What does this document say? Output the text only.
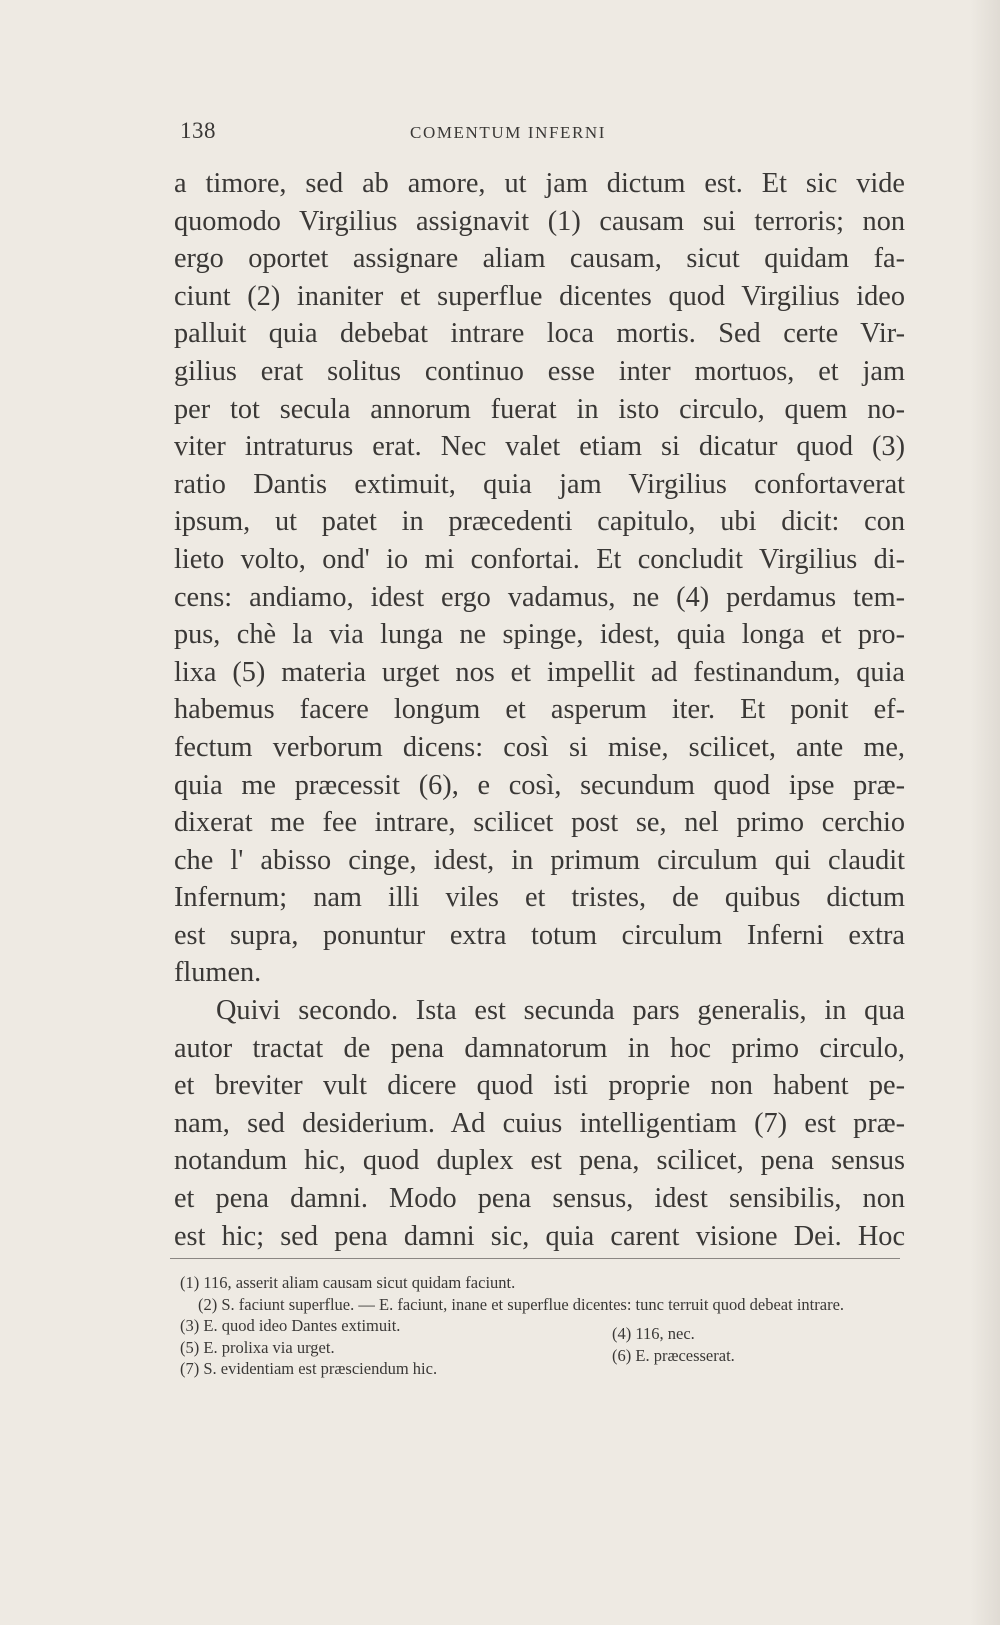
138	COMENTUM INFERNI
a timore, sed ab amore, ut jam dictum est. Et sic vide
quomodo Virgilius assignavit (1) causam sui terroris; non
ergo oportet assignare aliam causam, sicut quidam fa-
ciunt (2) inaniter et superflue dicentes quod Virgilius ideo
palluit quia debebat intrare loca mortis. Sed certe Vir-
gilius erat solitus continuo esse inter mortuos, et jam
per tot secula annorum fuerat in isto circulo, quem no-
viter intraturus erat. Nec valet etiam si dicatur quod (3)
ratio Dantis extimuit, quia jam Virgilius confortaverat
ipsum, ut patet in præcedenti capitulo, ubi dicit: con
lieto volto, ond' io mi confortai. Et concludit Virgilius di-
cens: andiamo, idest ergo vadamus, ne (4) perdamus tem-
pus, chè la via lunga ne spinge, idest, quia longa et pro-
lixa (5) materia urget nos et impellit ad festinandum, quia
habemus facere longum et asperum iter. Et ponit ef-
fectum verborum dicens: così si mise, scilicet, ante me,
quia me præcessit (6), e così, secundum quod ipse præ-
dixerat me fee intrare, scilicet post se, nel primo cerchio
che l' abisso cinge, idest, in primum circulum qui claudit
Infernum; nam illi viles et tristes, de quibus dictum
est supra, ponuntur extra totum circulum Inferni extra
flumen.
Quivi secondo. Ista est secunda pars generalis, in qua
autor tractat de pena damnatorum in hoc primo circulo,
et breviter vult dicere quod isti proprie non habent pe-
nam, sed desiderium. Ad cuius intelligentiam (7) est præ-
notandum hic, quod duplex est pena, scilicet, pena sensus
et pena damni. Modo pena sensus, idest sensibilis, non
est hic; sed pena damni sic, quia carent visione Dei. Hoc
(1) 116, asserit aliam causam sicut quidam faciunt.
(2) S. faciunt superflue. — E. faciunt, inane et superflue dicentes: tunc terruit quod debeat intrare.
(3) E. quod ideo Dantes extimuit.
(5) E. prolixa via urget.
(7) S. evidentiam est præsciendum hic.
(4) 116, nec.
(6) E. præcesserat.
